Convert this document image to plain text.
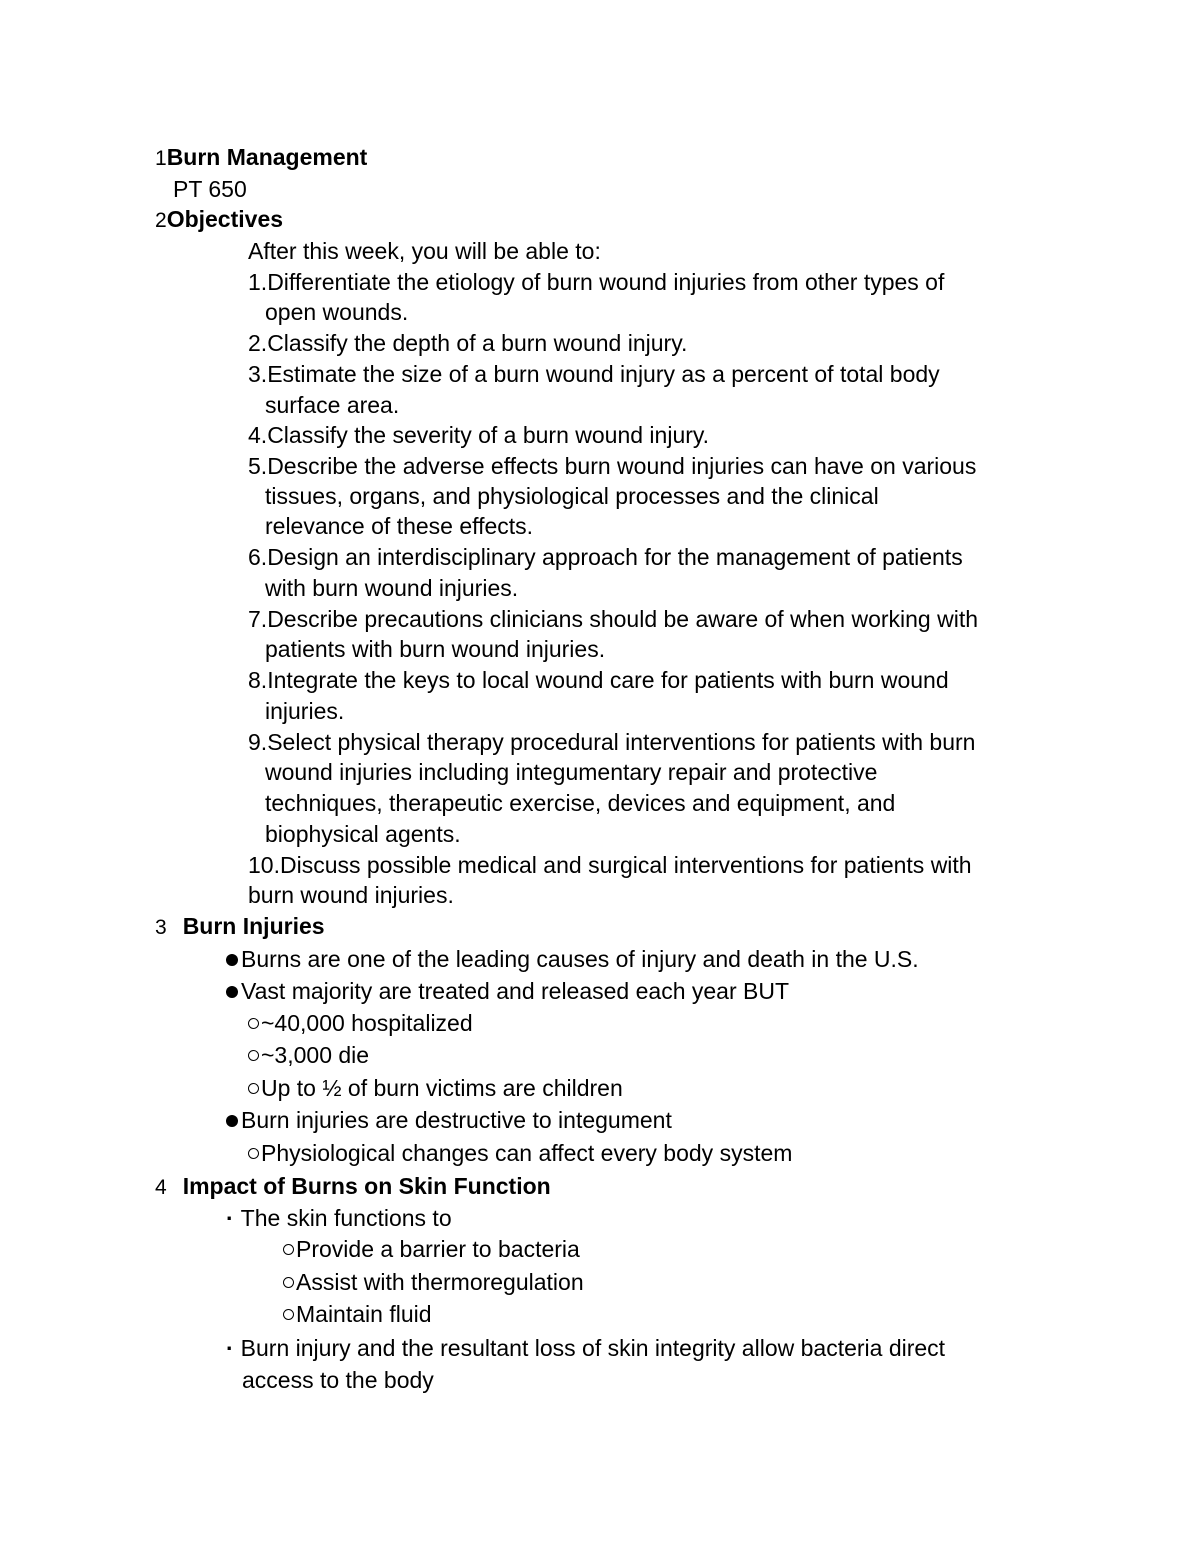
1Burn Management
PT 650
2Objectives
After this week, you will be able to:
1.Differentiate the etiology of burn wound injuries from other types of
open wounds.
2.Classify the depth of a burn wound injury.
3.Estimate the size of a burn wound injury as a percent of total body
surface area.
4.Classify the severity of a burn wound injury.
5.Describe the adverse effects burn wound injuries can have on various
tissues, organs, and physiological processes and the clinical
relevance of these effects.
6.Design an interdisciplinary approach for the management of patients
with burn wound injuries.
7.Describe precautions clinicians should be aware of when working with
patients with burn wound injuries.
8.Integrate the keys to local wound care for patients with burn wound
injuries.
9.Select physical therapy procedural interventions for patients with burn
wound injuries including integumentary repair and protective
techniques, therapeutic exercise, devices and equipment, and
biophysical agents.
10.Discuss possible medical and surgical interventions for patients with
burn wound injuries.
3 Burn Injuries
Burns are one of the leading causes of injury and death in the U.S.
Vast majority are treated and released each year BUT
~40,000 hospitalized
~3,000 die
Up to ½ of burn victims are children
Burn injuries are destructive to integument
Physiological changes can affect every body system
4 Impact of Burns on Skin Function
· The skin functions to
Provide a barrier to bacteria
Assist with thermoregulation
Maintain fluid
· Burn injury and the resultant loss of skin integrity allow bacteria direct
access to the body
